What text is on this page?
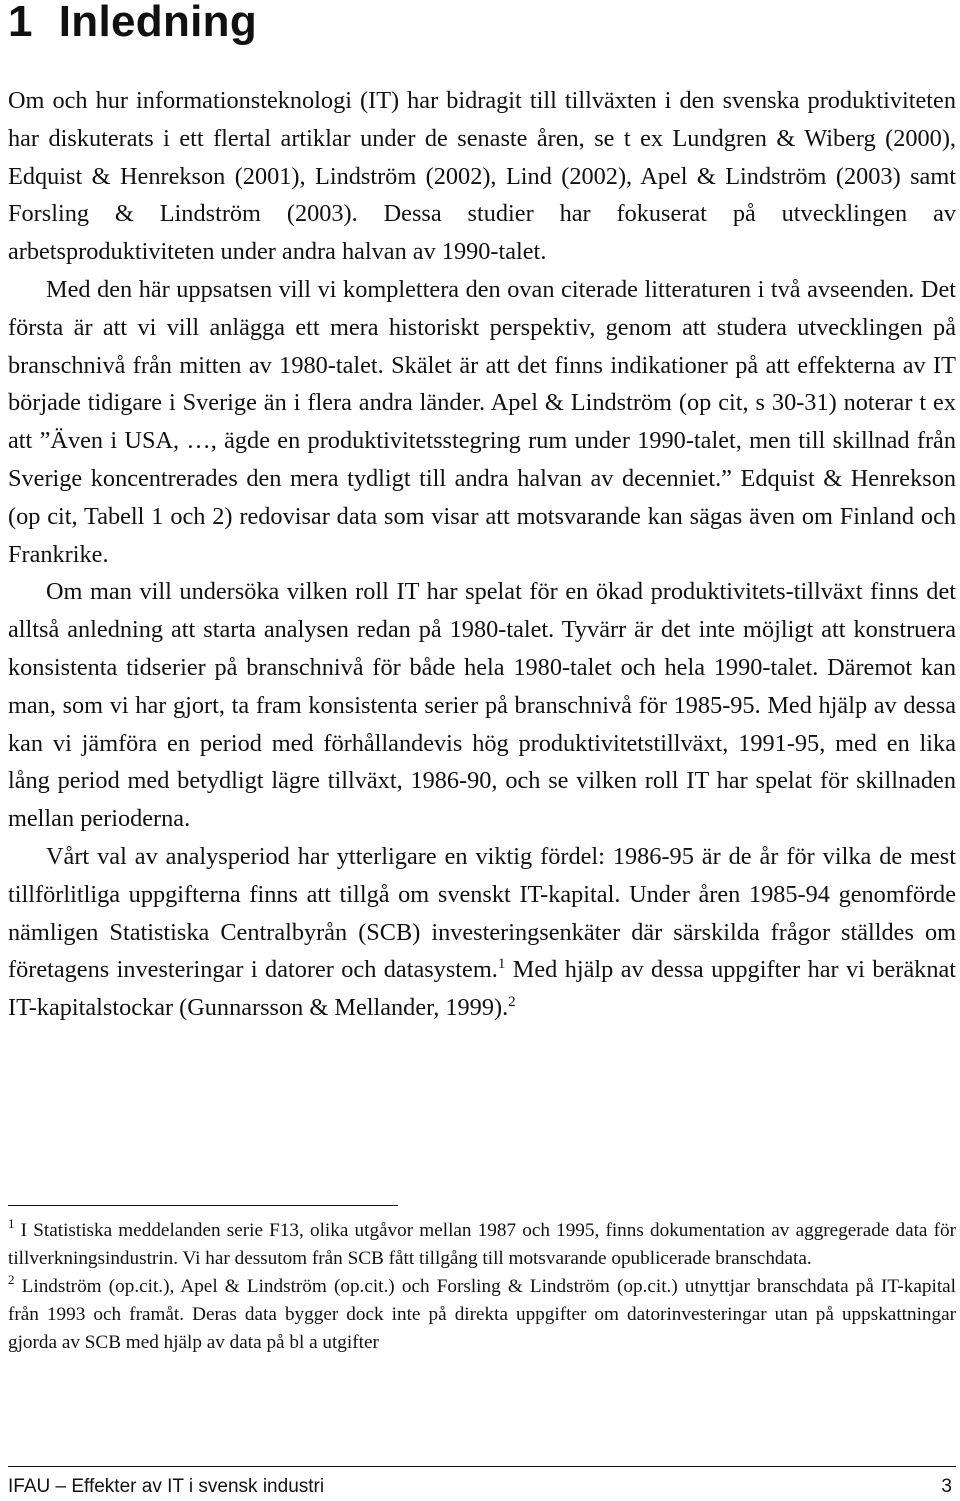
1 Inledning

Om och hur informationsteknologi (IT) har bidragit till tillväxten i den svenska produktiviteten har diskuterats i ett flertal artiklar under de senaste åren, se t ex Lundgren & Wiberg (2000), Edquist & Henrekson (2001), Lindström (2002), Lind (2002), Apel & Lindström (2003) samt Forsling & Lindström (2003). Dessa studier har fokuserat på utvecklingen av arbetsproduktiviteten under andra halvan av 1990-talet.

Med den här uppsatsen vill vi komplettera den ovan citerade litteraturen i två avseenden. Det första är att vi vill anlägga ett mera historiskt perspektiv, genom att studera utvecklingen på branschnivå från mitten av 1980-talet. Skälet är att det finns indikationer på att effekterna av IT började tidigare i Sverige än i flera andra länder. Apel & Lindström (op cit, s 30-31) noterar t ex att ”Även i USA, …, ägde en produktivitetsstegring rum under 1990-talet, men till skillnad från Sverige koncentrerades den mera tydligt till andra halvan av decenniet.” Edquist & Henrekson (op cit, Tabell 1 och 2) redovisar data som visar att motsvarande kan sägas även om Finland och Frankrike.

Om man vill undersöka vilken roll IT har spelat för en ökad produktivitets-tillväxt finns det alltså anledning att starta analysen redan på 1980-talet. Tyvärr är det inte möjligt att konstruera konsistenta tidserier på branschnivå för både hela 1980-talet och hela 1990-talet. Däremot kan man, som vi har gjort, ta fram konsistenta serier på branschnivå för 1985-95. Med hjälp av dessa kan vi jämföra en period med förhållandevis hög produktivitetstillväxt, 1991-95, med en lika lång period med betydligt lägre tillväxt, 1986-90, och se vilken roll IT har spelat för skillnaden mellan perioderna.

Vårt val av analysperiod har ytterligare en viktig fördel: 1986-95 är de år för vilka de mest tillförlitliga uppgifterna finns att tillgå om svenskt IT-kapital. Under åren 1985-94 genomförde nämligen Statistiska Centralbyrån (SCB) investeringsenkäter där särskilda frågor ställdes om företagens investeringar i datorer och datasystem.$^1$ Med hjälp av dessa uppgifter har vi beräknat IT-kapitalstockar (Gunnarsson & Mellander, 1999).$^2$

$^1$ I Statistiska meddelanden serie F13, olika utgåvor mellan 1987 och 1995, finns dokumentation av aggregerade data för tillverkningsindustrin. Vi har dessutom från SCB fått tillgång till motsvarande opublicerade branschdata.

$^2$ Lindström (op.cit.), Apel & Lindström (op.cit.) och Forsling & Lindström (op.cit.) utnyttjar branschdata på IT-kapital från 1993 och framåt. Deras data bygger dock inte på direkta uppgifter om datorinvesteringar utan på uppskattningar gjorda av SCB med hjälp av data på bl a utgifter

IFAU – Effekter av IT i svensk industri	3
